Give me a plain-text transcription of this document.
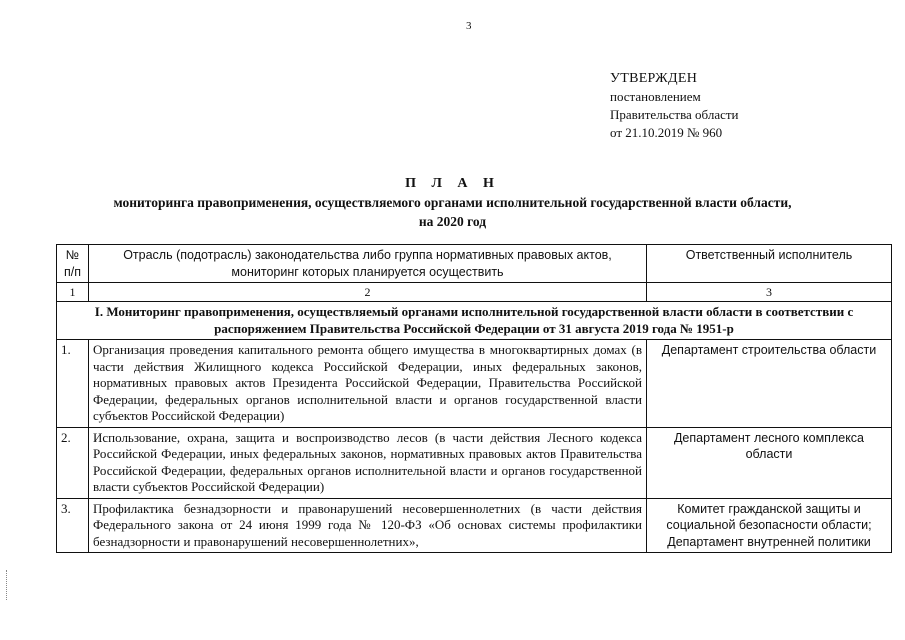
3
УТВЕРЖДЕН
постановлением
Правительства области
от 21.10.2019 № 960
П Л А Н
мониторинга правоприменения, осуществляемого органами исполнительной государственной власти области,
на 2020 год
№ п/п	Отрасль (подотрасль) законодательства либо группа нормативных правовых актов, мониторинг которых планируется осуществить	Ответственный исполнитель
1	2	3
I. Мониторинг правоприменения, осуществляемый органами исполнительной государственной власти области в соответствии с распоряжением Правительства Российской Федерации от 31 августа 2019 года № 1951-р		
1.	Организация проведения капитального ремонта общего имущества в многоквартирных домах (в части действия Жилищного кодекса Российской Федерации, иных федеральных законов, нормативных правовых актов Президента Российской Федерации, Правительства Российской Федерации, федеральных органов исполнительной власти и органов государственной власти субъектов Российской Федерации)	Департамент строительства области
2.	Использование, охрана, защита и воспроизводство лесов (в части действия Лесного кодекса Российской Федерации, иных федеральных законов, нормативных правовых актов Правительства Российской Федерации, федеральных органов исполнительной власти и органов государственной власти субъектов Российской Федерации)	Департамент лесного комплекса области
3.	Профилактика безнадзорности и правонарушений несовершеннолетних (в части действия Федерального закона от 24 июня 1999 года № 120-ФЗ «Об основах системы профилактики безнадзорности и правонарушений несовершеннолетних»,	Комитет гражданской защиты и социальной безопасности области; Департамент внутренней политики
